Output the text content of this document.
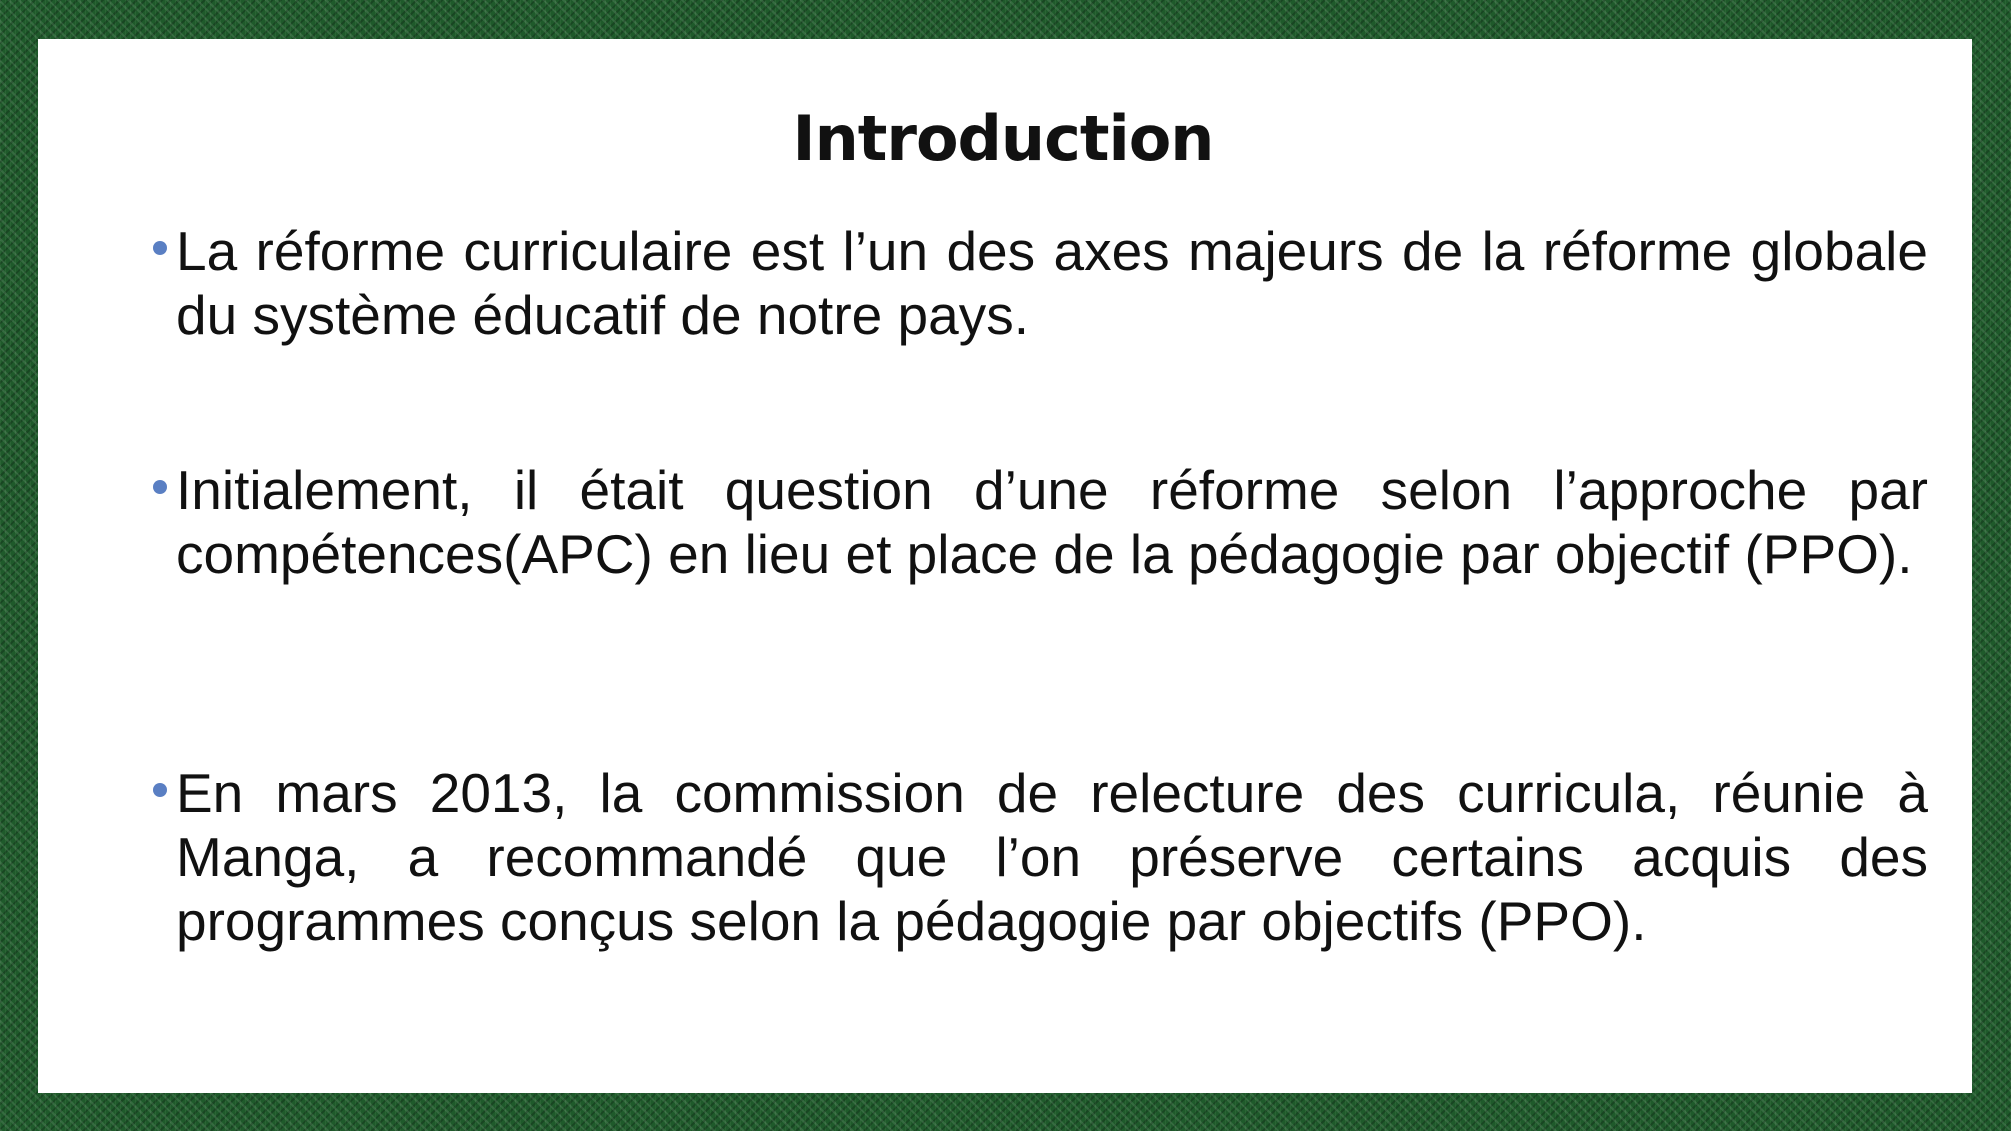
Introduction

La réforme curriculaire est l’un des axes majeurs de la réforme globale du système éducatif de notre pays.

Initialement, il était question d’une réforme selon l’approche par compétences(APC) en lieu et place de la pédagogie par objectif (PPO).

En mars 2013, la commission de relecture des curricula, réunie à Manga, a recommandé que l’on préserve certains acquis des programmes conçus selon la pédagogie par objectifs (PPO).
